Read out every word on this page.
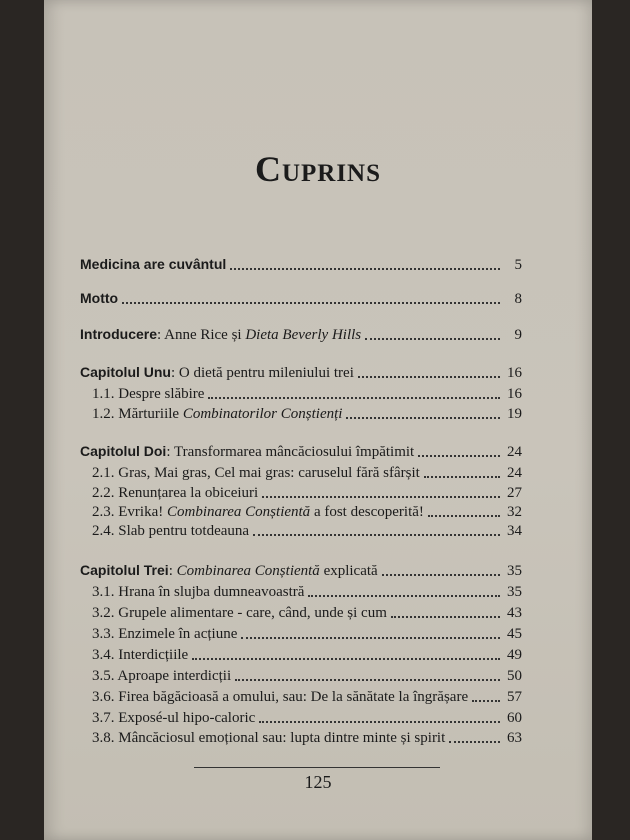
Cuprins
Medicina are cuvântul	5
Motto	8
Introducere: Anne Rice și Dieta Beverly Hills	9
Capitolul Unu: O dietă pentru mileniului trei	16
1.1. Despre slăbire	16
1.2. Mărturiile Combinatorilor Conștienți	19
Capitolul Doi: Transformarea mâncăciosului împătimit	24
2.1. Gras, Mai gras, Cel mai gras: caruselul fără sfârșit	24
2.2. Renunțarea la obiceiuri	27
2.3. Evrika! Combinarea Conștientă a fost descoperită!	32
2.4. Slab pentru totdeauna	34
Capitolul Trei: Combinarea Conștientă explicată	35
3.1. Hrana în slujba dumneavoastră	35
3.2. Grupele alimentare - care, când, unde și cum	43
3.3. Enzimele în acțiune	45
3.4. Interdicțiile	49
3.5. Aproape interdicții	50
3.6. Firea băgăcioasă a omului, sau: De la sănătate la îngrășare	57
3.7. Exposé-ul hipo-caloric	60
3.8. Mâncăciosul emoțional sau: lupta dintre minte și spirit	63
125
